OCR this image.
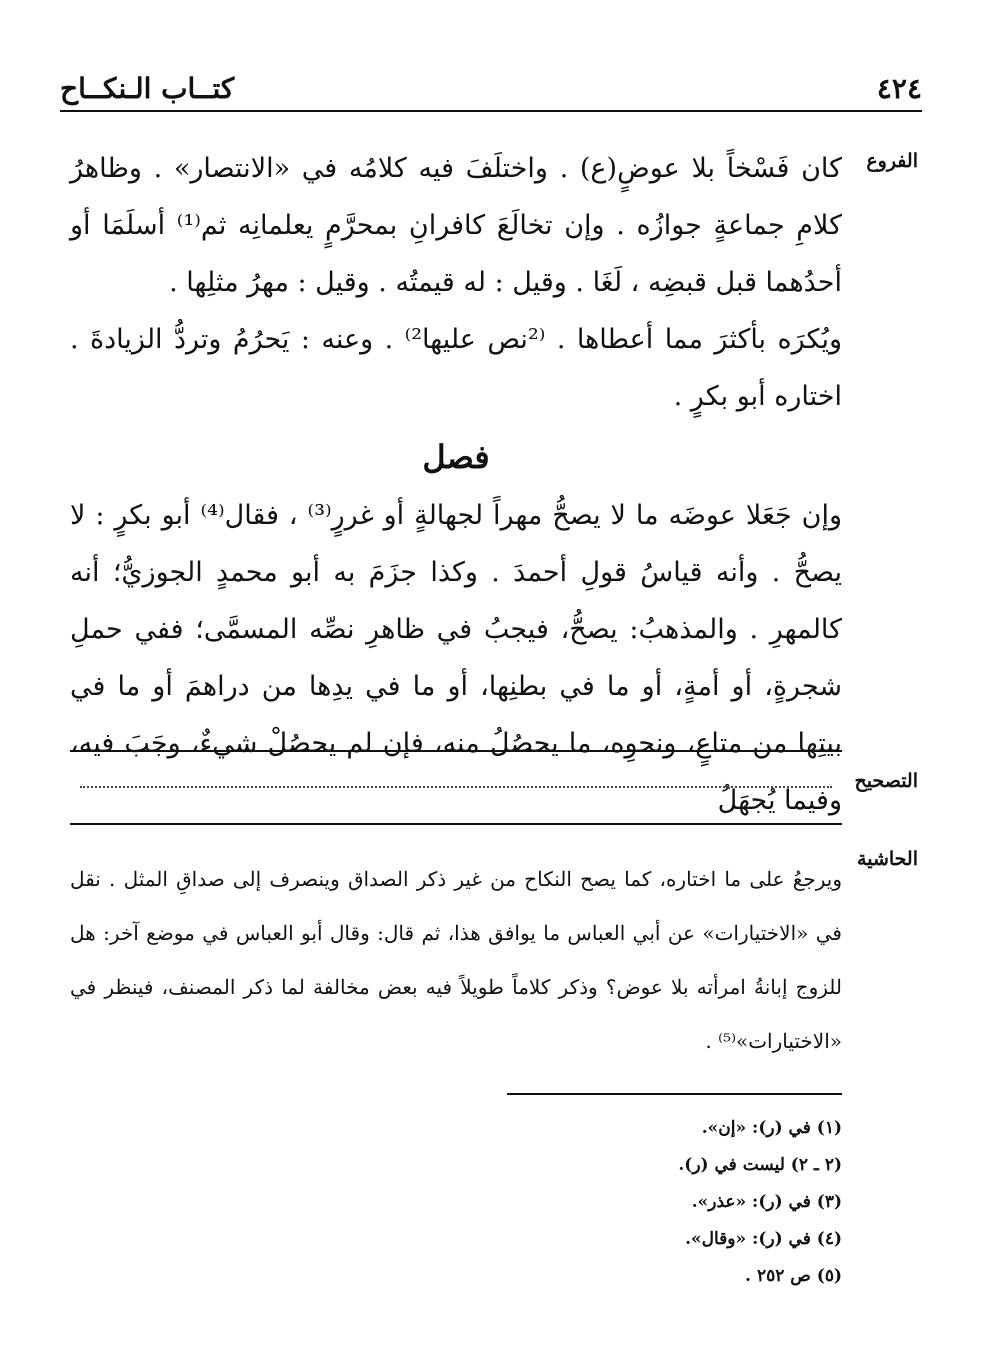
٤٢٤
كتــاب الـنكــاح
الفروع
التصحيح
الحاشية

كان فَسْخاً بلا عوضٍ(ع) . واختلَفَ فيه كلامُه في «الانتصار» . وظاهرُ كلامِ جماعةٍ جوازُه . وإن تخالَعَ كافرانِ بمحرَّمٍ يعلمانِه ثم⁽¹⁾ أسلَمَا أو أحدُهما قبل قبضِه ، لَغَا . وقيل : له قيمتُه . وقيل : مهرُ مثلِها .

ويُكرَه بأكثرَ مما أعطاها . ⁽²نص عليها²⁾ . وعنه : يَحرُمُ وتردُّ الزيادةَ . اختاره أبو بكرٍ .

فصل

وإن جَعَلا عوضَه ما لا يصحُّ مهراً لجهالةٍ أو غررٍ⁽³⁾ ، فقال⁽⁴⁾ أبو بكرٍ : لا يصحُّ . وأنه قياسُ قولِ أحمدَ . وكذا جزَمَ به أبو محمدٍ الجوزيُّ؛ أنه كالمهرِ . والمذهبُ: يصحُّ، فيجبُ في ظاهرِ نصِّه المسمَّى؛ ففي حملِ شجرةٍ، أو أمةٍ، أو ما في بطنِها، أو ما في يدِها من دراهمَ أو ما في بيتِها من متاعٍ، ونحوِه، ما يحصُلُ منه، فإن لم يحصُلْ شيءٌ، وجَبَ فيه، وفيما يُجهَلُ

ويرجعُ على ما اختاره، كما يصح النكاح من غير ذكر الصداق وينصرف إلى صداقِ المثل . نقل في «الاختيارات» عن أبي العباس ما يوافق هذا، ثم قال: وقال أبو العباس في موضع آخر: هل للزوج إبانةُ امرأته بلا عوض؟ وذكر كلاماً طويلاً فيه بعض مخالفة لما ذكر المصنف، فينظر في «الاختيارات»⁽⁵⁾ .

(١) في (ر): «إن».
(٢ ـ ٢) ليست في (ر).
(٣) في (ر): «عذر».
(٤) في (ر): «وقال».
(٥) ص ٢٥٢ .
